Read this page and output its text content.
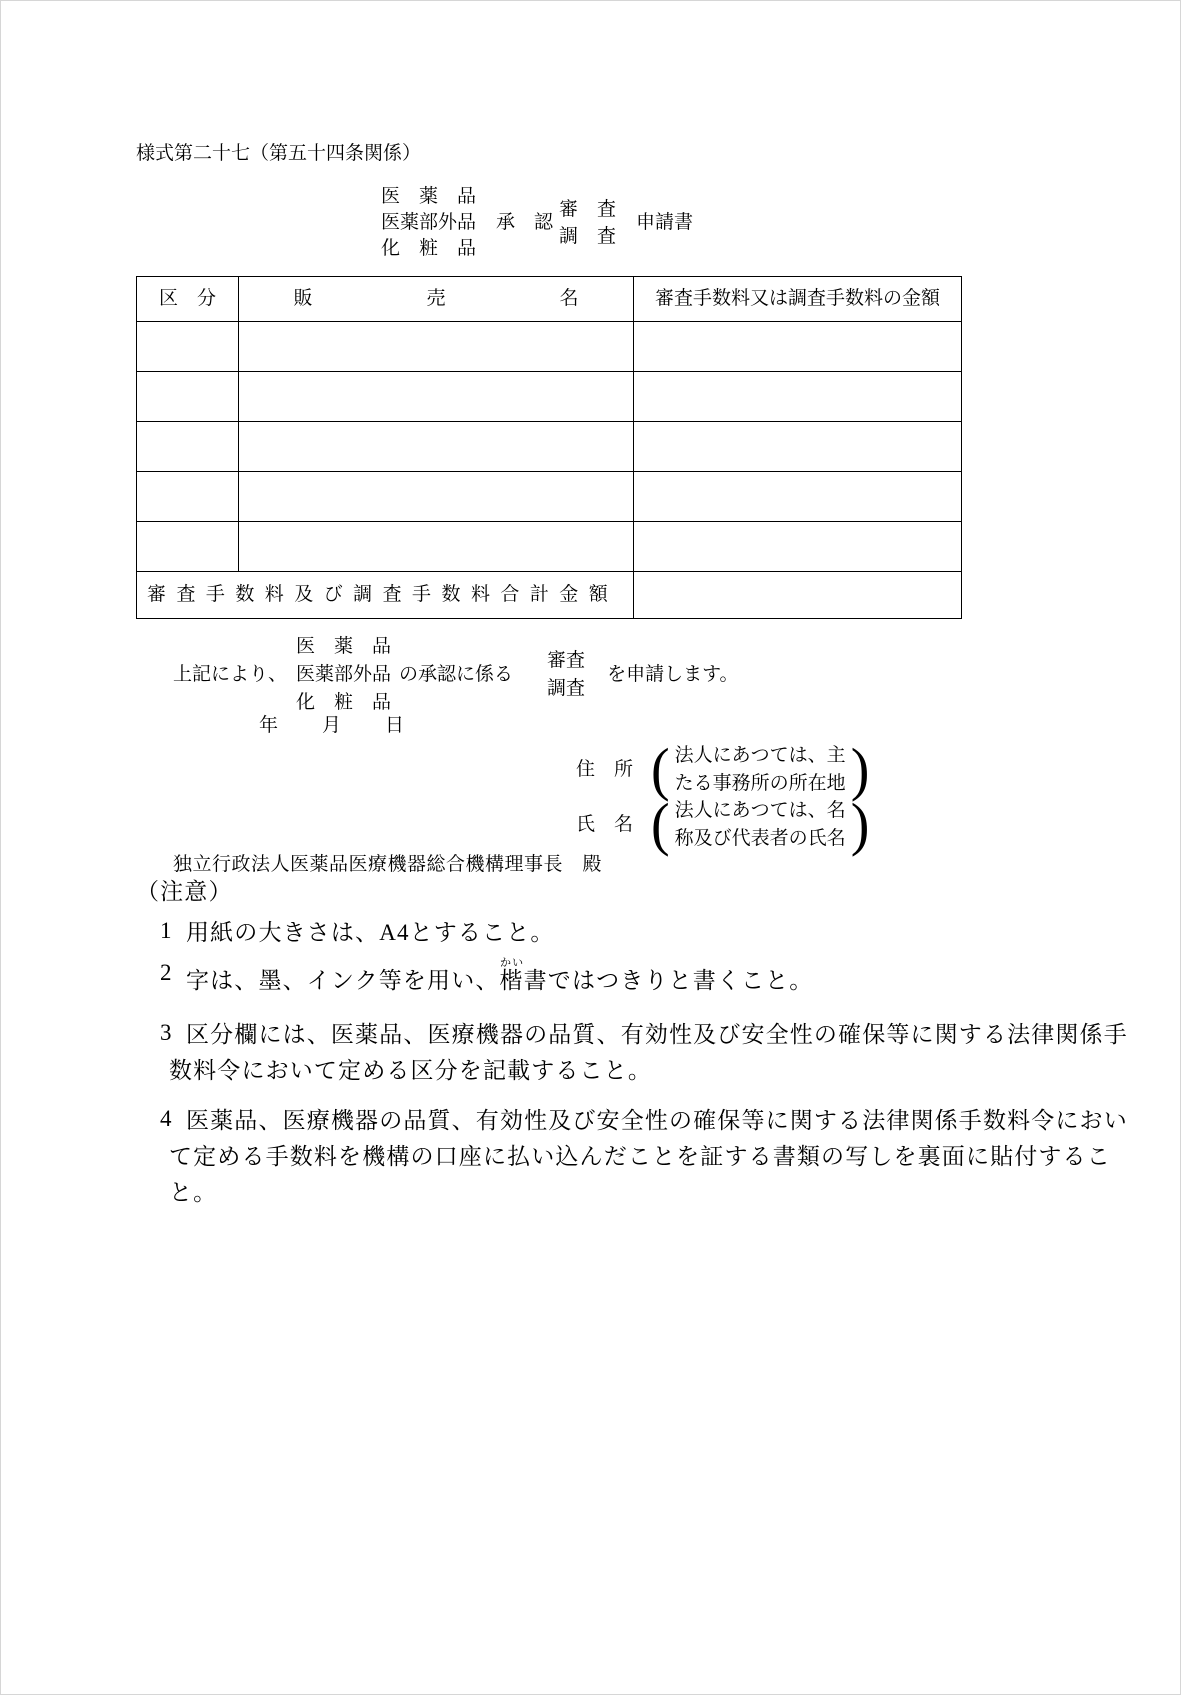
様式第二十七（第五十四条関係）
医　薬　品
医薬部外品
化　粧　品
承　認
審　査
調　査
申請書
区　分	販　　　　　　売　　　　　　名	審査手数料又は調査手数料の金額

審査手数料及び調査手数料合計金額		
上記により、
医　薬　品
医薬部外品
化　粧　品
の承認に係る
審査
調査
を申請します。
年　　月　　日
住　所 ( 法人にあつては、主
たる事務所の所在地 )
氏　名 ( 法人にあつては、名
称及び代表者の氏名 )
独立行政法人医薬品医療機器総合機構理事長　殿
（注意）
1 用紙の大きさは、A4とすること。
2 字は、墨、インク等を用い、楷かい書ではつきりと書くこと。
3 区分欄には、医薬品、医療機器の品質、有効性及び安全性の確保等に関する法律関係手数料令において定める区分を記載すること。
4 医薬品、医療機器の品質、有効性及び安全性の確保等に関する法律関係手数料令において定める手数料を機構の口座に払い込んだことを証する書類の写しを裏面に貼付すること。
